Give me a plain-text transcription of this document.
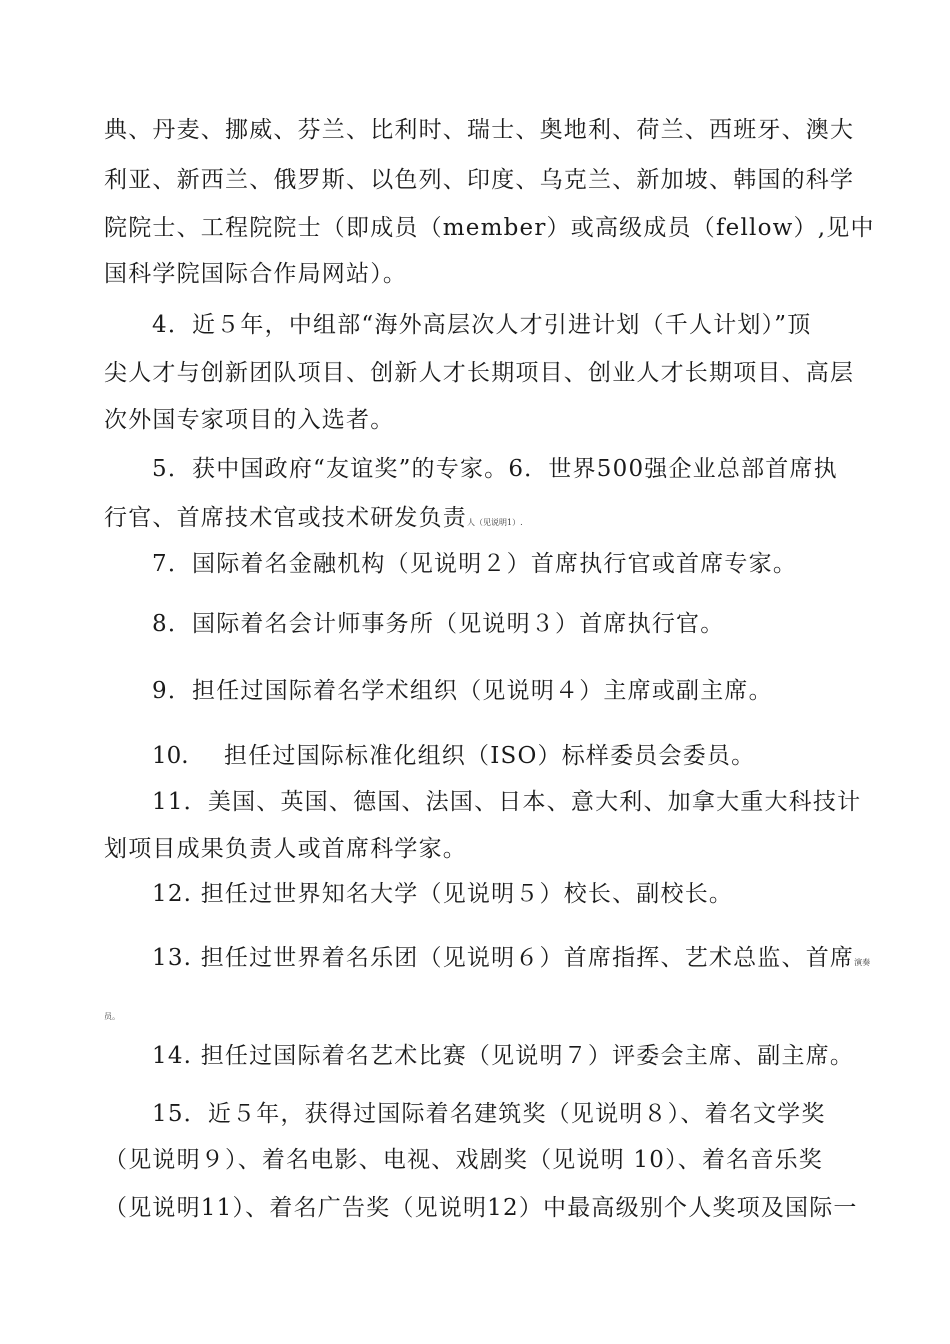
典、丹麦、挪威、芬兰、比利时、瑞士、奥地利、荷兰、西班牙、澳大
利亚、新西兰、俄罗斯、以色列、印度、乌克兰、新加坡、韩国的科学
院院士、工程院院士（即成员（member）或高级成员（fellow）,见中
国科学院国际合作局网站）。
4．近５年，中组部“海外高层次人才引进计划（千人计划）”顶
尖人才与创新团队项目、创新人才长期项目、创业人才长期项目、高层
次外国专家项目的入选者。
5．获中国政府“友谊奖”的专家。6．世界500强企业总部首席执
行官、首席技术官或技术研发负责人（见说明1）.
7．国际着名金融机构（见说明２）首席执行官或首席专家。
8．国际着名会计师事务所（见说明３）首席执行官。
9．担任过国际着名学术组织（见说明４）主席或副主席。
10. 担任过国际标准化组织（ISO）标样委员会委员。
11．美国、英国、德国、法国、日本、意大利、加拿大重大科技计
划项目成果负责人或首席科学家。
12. 担任过世界知名大学（见说明５）校长、副校长。
13. 担任过世界着名乐团（见说明６）首席指挥、艺术总监、首席演奏
员。
14. 担任过国际着名艺术比赛（见说明７）评委会主席、副主席。
15．近５年，获得过国际着名建筑奖（见说明８）、着名文学奖
（见说明９）、着名电影、电视、戏剧奖（见说明 10）、着名音乐奖
（见说明11）、着名广告奖（见说明12）中最高级别个人奖项及国际一
